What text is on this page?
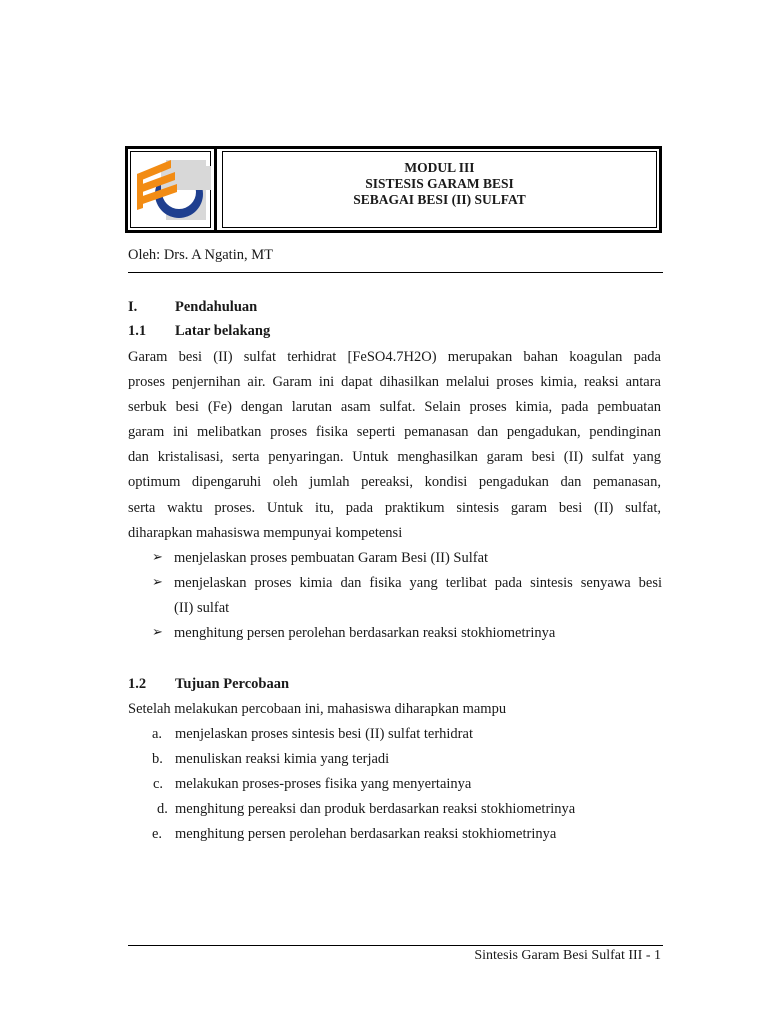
MODUL III
SISTESIS GARAM BESI
SEBAGAI BESI (II) SULFAT
Oleh: Drs. A Ngatin, MT
I.	Pendahuluan
1.1 Latar belakang
Garam besi (II) sulfat terhidrat [FeSO4.7H2O) merupakan bahan koagulan pada
proses penjernihan air. Garam ini dapat dihasilkan melalui proses kimia, reaksi antara
serbuk besi (Fe) dengan larutan asam sulfat. Selain proses kimia, pada pembuatan
garam ini melibatkan proses fisika seperti pemanasan dan pengadukan, pendinginan
dan kristalisasi, serta penyaringan. Untuk menghasilkan garam besi (II) sulfat yang
optimum dipengaruhi oleh jumlah pereaksi, kondisi pengadukan dan pemanasan,
serta waktu proses. Untuk itu, pada praktikum sintesis garam besi (II) sulfat,
diharapkan mahasiswa mempunyai kompetensi
➢ menjelaskan proses pembuatan Garam Besi (II) Sulfat
➢ menjelaskan proses kimia dan fisika yang terlibat pada sintesis senyawa besi
(II) sulfat
➢ menghitung persen perolehan berdasarkan reaksi stokhiometrinya
1.2 Tujuan Percobaan
Setelah melakukan percobaan ini, mahasiswa diharapkan mampu
a. menjelaskan proses sintesis besi (II) sulfat terhidrat
b. menuliskan reaksi kimia yang terjadi
c. melakukan proses-proses fisika yang menyertainya
d. menghitung pereaksi dan produk berdasarkan reaksi stokhiometrinya
e. menghitung persen perolehan berdasarkan reaksi stokhiometrinya
Sintesis Garam Besi Sulfat III - 1
